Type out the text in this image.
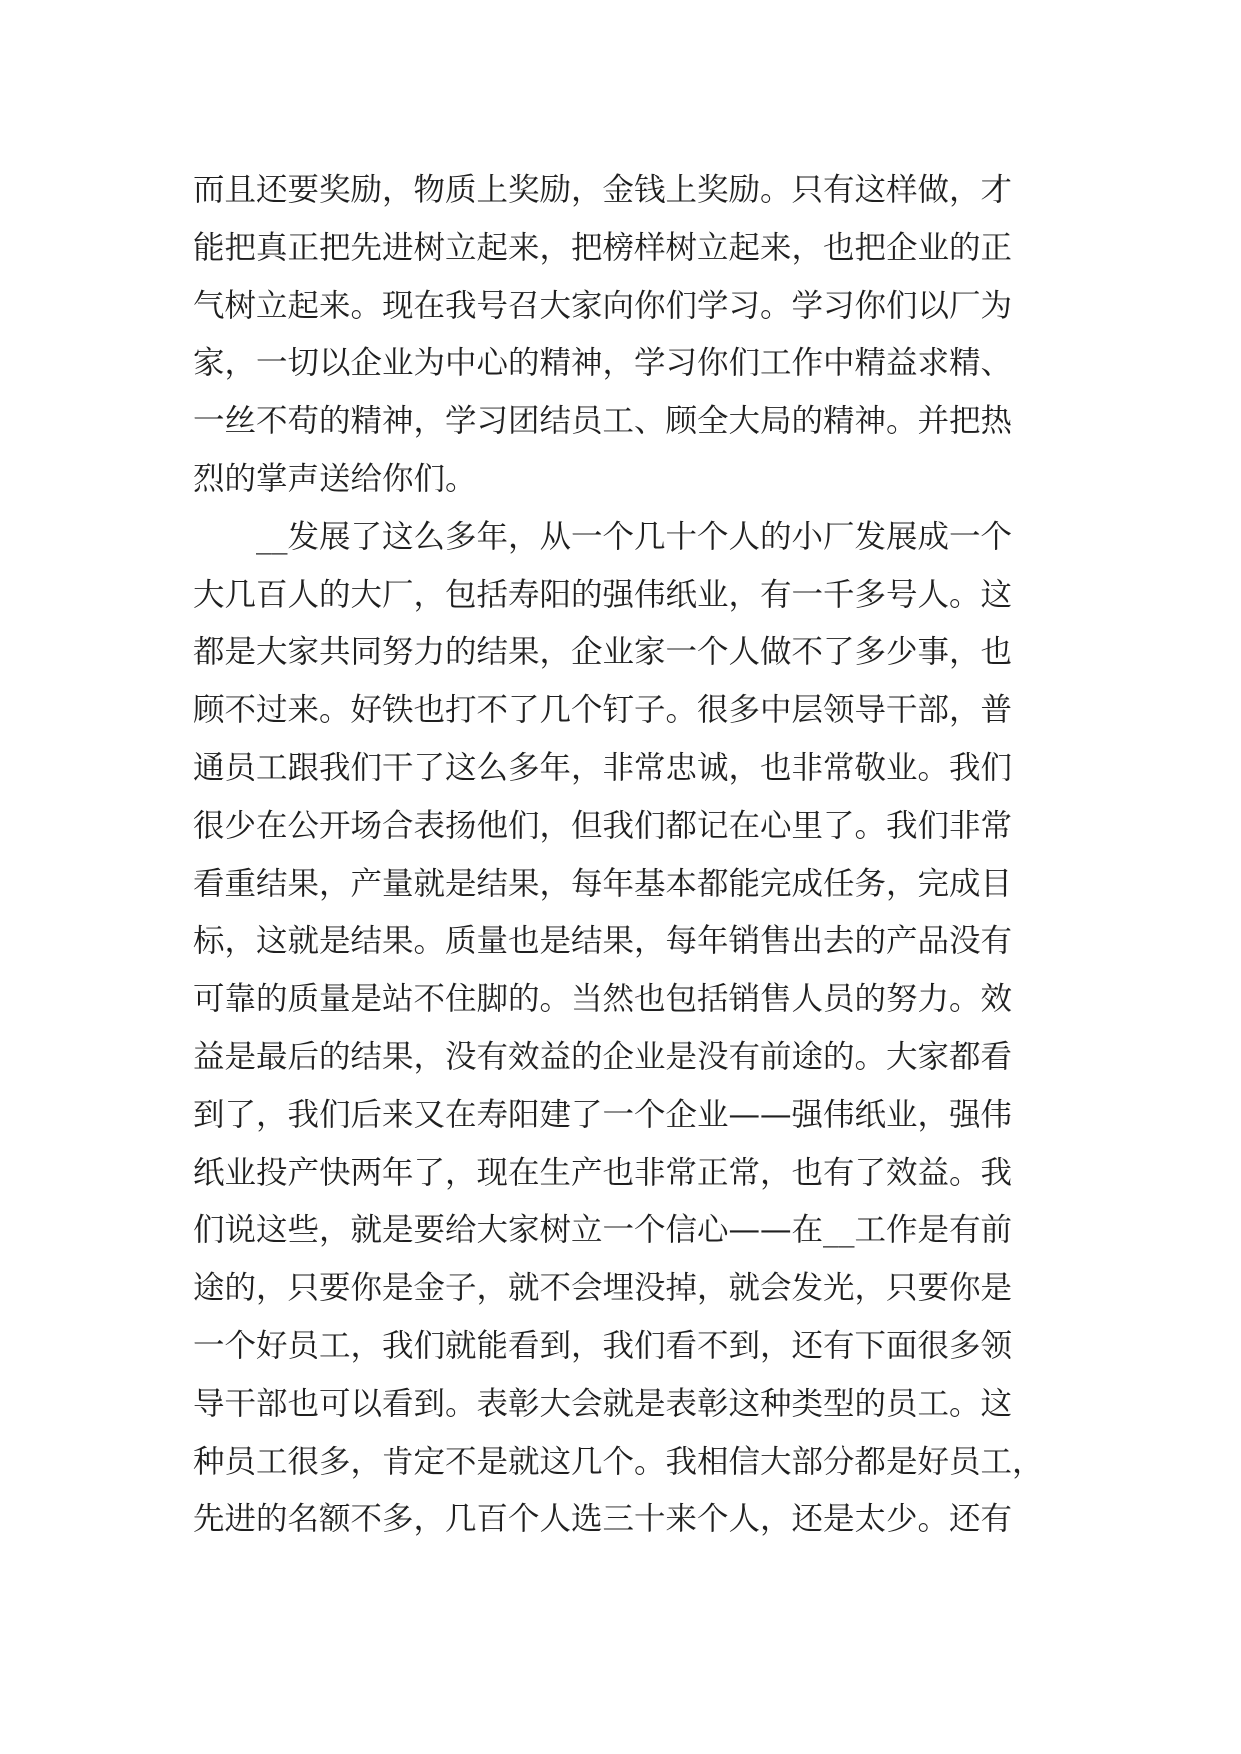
而且还要奖励，物质上奖励，金钱上奖励。只有这样做，才
能把真正把先进树立起来，把榜样树立起来，也把企业的正
气树立起来。现在我号召大家向你们学习。学习你们以厂为
家，一切以企业为中心的精神，学习你们工作中精益求精、
一丝不苟的精神，学习团结员工、顾全大局的精神。并把热
烈的掌声送给你们。
　　__发展了这么多年，从一个几十个人的小厂发展成一个
大几百人的大厂，包括寿阳的强伟纸业，有一千多号人。这
都是大家共同努力的结果，企业家一个人做不了多少事，也
顾不过来。好铁也打不了几个钉子。很多中层领导干部，普
通员工跟我们干了这么多年，非常忠诚，也非常敬业。我们
很少在公开场合表扬他们，但我们都记在心里了。我们非常
看重结果，产量就是结果，每年基本都能完成任务，完成目
标，这就是结果。质量也是结果，每年销售出去的产品没有
可靠的质量是站不住脚的。当然也包括销售人员的努力。效
益是最后的结果，没有效益的企业是没有前途的。大家都看
到了，我们后来又在寿阳建了一个企业——强伟纸业，强伟
纸业投产快两年了，现在生产也非常正常，也有了效益。我
们说这些，就是要给大家树立一个信心——在__工作是有前
途的，只要你是金子，就不会埋没掉，就会发光，只要你是
一个好员工，我们就能看到，我们看不到，还有下面很多领
导干部也可以看到。表彰大会就是表彰这种类型的员工。这
种员工很多，肯定不是就这几个。我相信大部分都是好员工，
先进的名额不多，几百个人选三十来个人，还是太少。还有
